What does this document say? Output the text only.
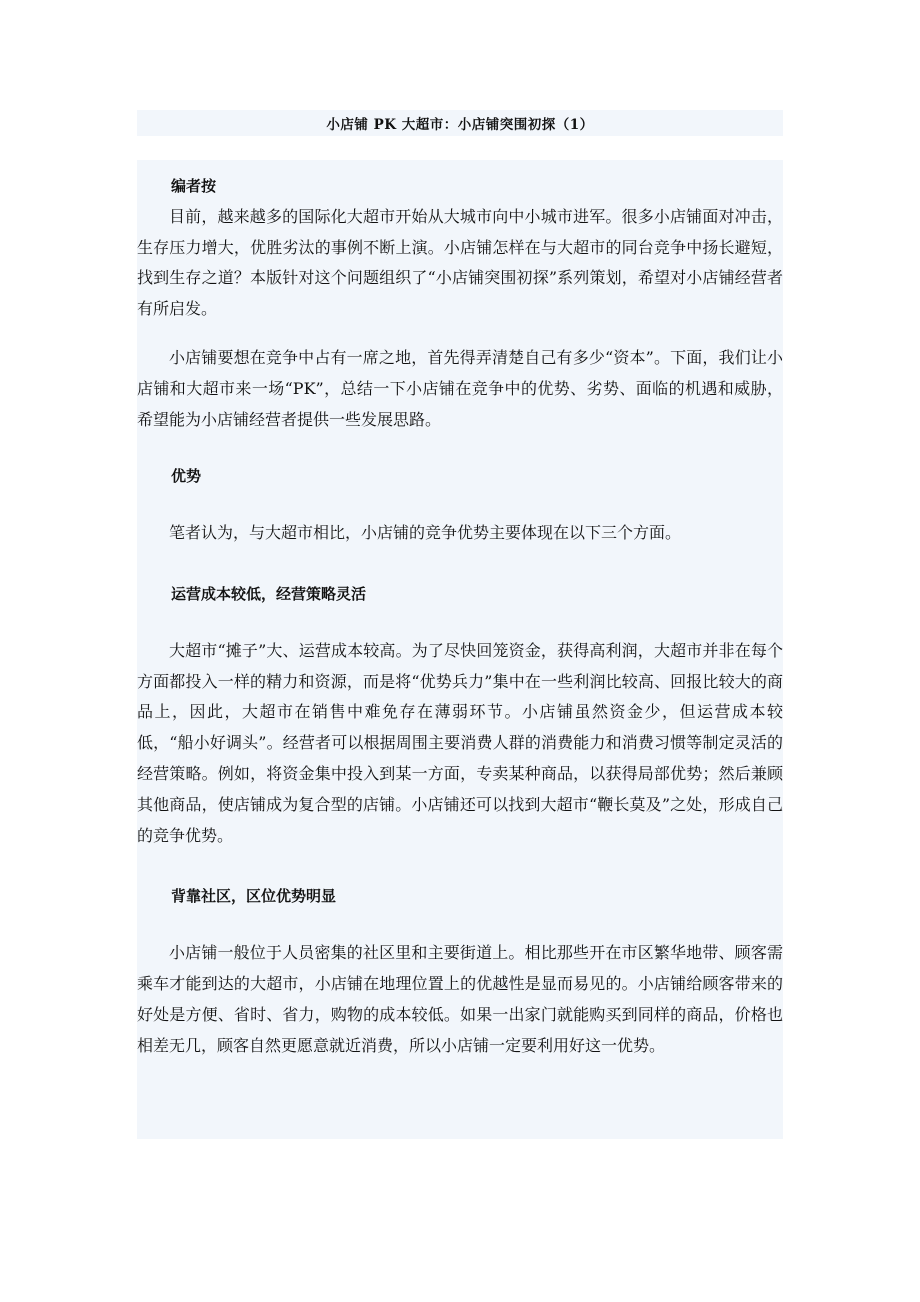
小店铺 PK 大超市：小店铺突围初探（1）

编者按

目前，越来越多的国际化大超市开始从大城市向中小城市进军。很多小店铺面对冲击，生存压力增大，优胜劣汰的事例不断上演。小店铺怎样在与大超市的同台竞争中扬长避短，找到生存之道？本版针对这个问题组织了“小店铺突围初探”系列策划，希望对小店铺经营者有所启发。

小店铺要想在竞争中占有一席之地，首先得弄清楚自己有多少“资本”。下面，我们让小店铺和大超市来一场“PK”，总结一下小店铺在竞争中的优势、劣势、面临的机遇和威胁，希望能为小店铺经营者提供一些发展思路。

优势

笔者认为，与大超市相比，小店铺的竞争优势主要体现在以下三个方面。

运营成本较低，经营策略灵活

大超市“摊子”大、运营成本较高。为了尽快回笼资金，获得高利润，大超市并非在每个方面都投入一样的精力和资源，而是将“优势兵力”集中在一些利润比较高、回报比较大的商品上，因此，大超市在销售中难免存在薄弱环节。小店铺虽然资金少，但运营成本较低，“船小好调头”。经营者可以根据周围主要消费人群的消费能力和消费习惯等制定灵活的经营策略。例如，将资金集中投入到某一方面，专卖某种商品，以获得局部优势；然后兼顾其他商品，使店铺成为复合型的店铺。小店铺还可以找到大超市“鞭长莫及”之处，形成自己的竞争优势。

背靠社区，区位优势明显

小店铺一般位于人员密集的社区里和主要街道上。相比那些开在市区繁华地带、顾客需乘车才能到达的大超市，小店铺在地理位置上的优越性是显而易见的。小店铺给顾客带来的好处是方便、省时、省力，购物的成本较低。如果一出家门就能购买到同样的商品，价格也相差无几，顾客自然更愿意就近消费，所以小店铺一定要利用好这一优势。
